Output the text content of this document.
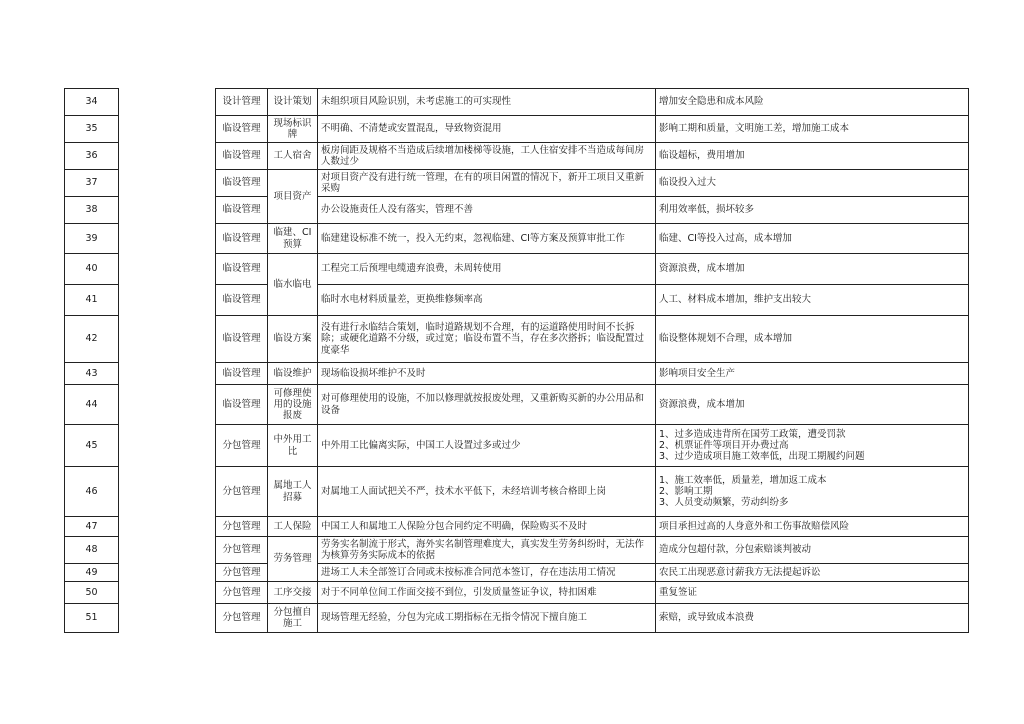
34		设计管理	设计策划	未组织项目风险识别，未考虑施工的可实现性	增加安全隐患和成本风险

35		临设管理	现场标识牌	不明确、不清楚或安置混乱，导致物资混用	影响工期和质量，文明施工差，增加施工成本

36		临设管理	工人宿舍	板房间距及规格不当造成后续增加楼梯等设施，工人住宿安排不当造成每间房人数过少	临设超标，费用增加

37		临设管理	项目资产	对项目资产没有进行统一管理，在有的项目闲置的情况下，新开工项目又重新采购	临设投入过大

38		临设管理		办公设施责任人没有落实，管理不善	利用效率低，损坏较多

39		临设管理	临建、CI预算	临建建设标准不统一，投入无约束，忽视临建、CI等方案及预算审批工作	临建、CI等投入过高，成本增加

40		临设管理	临水临电	工程完工后预埋电缆遗弃浪费，未周转使用	资源浪费，成本增加

41		临设管理		临时水电材料质量差，更换维修频率高	人工、材料成本增加，维护支出较大

42		临设管理	临设方案	没有进行永临结合策划，临时道路规划不合理，有的运道路使用时间不长拆除；或硬化道路不分级，或过宽；临设布置不当，存在多次搭拆；临设配置过度豪华	临设整体规划不合理，成本增加

43		临设管理	临设维护	现场临设损坏维护不及时	影响项目安全生产

44		临设管理	可修理使用的设施报废	对可修理使用的设施，不加以修理就按报废处理，又重新购买新的办公用品和设备	资源浪费，成本增加

45		分包管理	中外用工比	中外用工比偏离实际，中国工人设置过多或过少	1、过多造成违背所在国劳工政策，遭受罚款
2、机票证件等项目开办费过高
3、过少造成项目施工效率低，出现工期履约问题

46		分包管理	属地工人招募	对属地工人面试把关不严，技术水平低下，未经培训考核合格即上岗	1、施工效率低，质量差，增加返工成本
2、影响工期
3、人员变动频繁，劳动纠纷多

47		分包管理	工人保险	中国工人和属地工人保险分包合同约定不明确，保险购买不及时	项目承担过高的人身意外和工伤事故赔偿风险

48		分包管理	劳务管理	劳务实名制流于形式，海外实名制管理难度大，真实发生劳务纠纷时，无法作为核算劳务实际成本的依据	造成分包超付款，分包索赔谈判被动

49		分包管理		进场工人未全部签订合同或未按标准合同范本签订，存在违法用工情况	农民工出现恶意讨薪我方无法提起诉讼

50		分包管理	工序交接	对于不同单位间工作面交接不到位，引发质量签证争议，特扣困难	重复签证

51		分包管理	分包擅自施工	现场管理无经验，分包为完成工期指标在无指令情况下擅自施工	索赔，或导致成本浪费
